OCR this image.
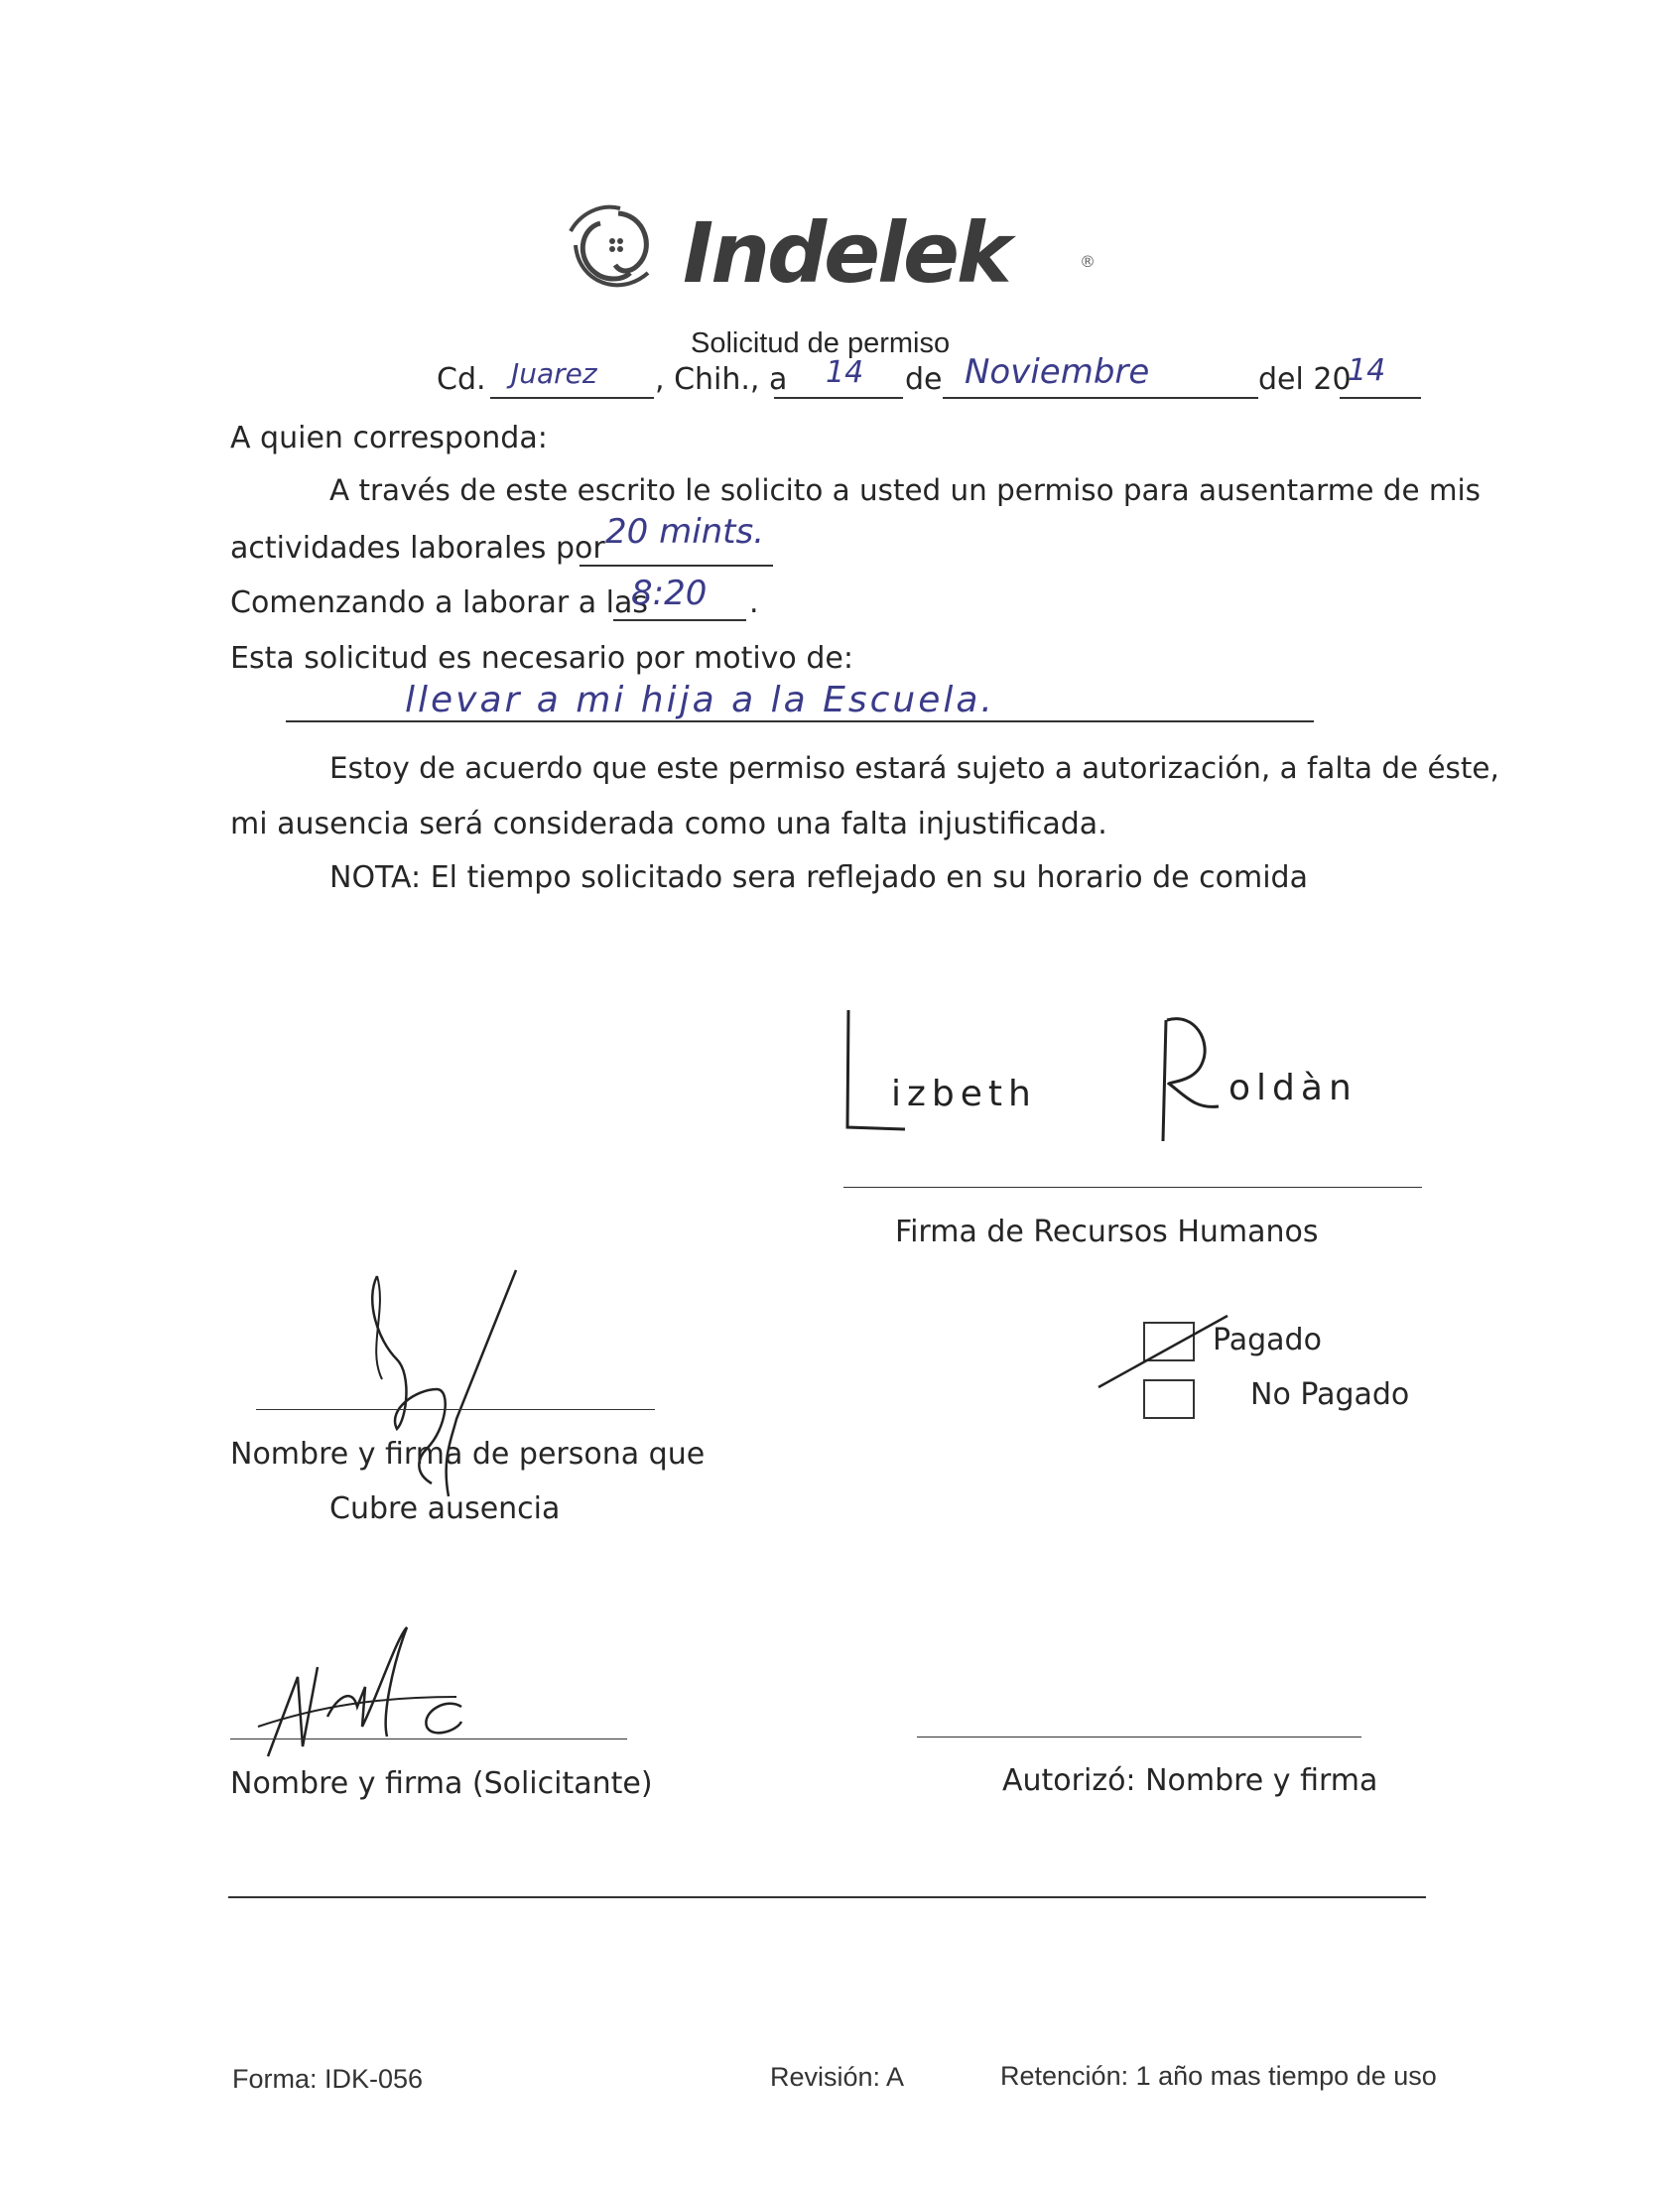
Indelek	®
Solicitud de permiso
Cd. Juarez , Chih., a 14 de Noviembre	del 20
14
A quien corresponda:
A través de este escrito le solicito a usted un permiso para ausentarme de mis
actividades laborales por 20 mints.
Comenzando a laborar a las
8:20 .
Esta solicitud es necesario por motivo de:
llevar a mi hija a la Escuela.
Estoy de acuerdo que este permiso estará sujeto a autorización, a falta de éste,
mi ausencia será considerada como una falta injustificada.
NOTA: El tiempo solicitado sera reflejado en su horario de comida
izbeth	oldàn
Firma de Recursos Humanos
Pagado
No Pagado
Nombre y firma de persona que
Cubre ausencia
Nombre y firma (Solicitante)	Autorizó: Nombre y firma
Forma: IDK-056	Revisión: A	Retención: 1 año mas tiempo de uso
